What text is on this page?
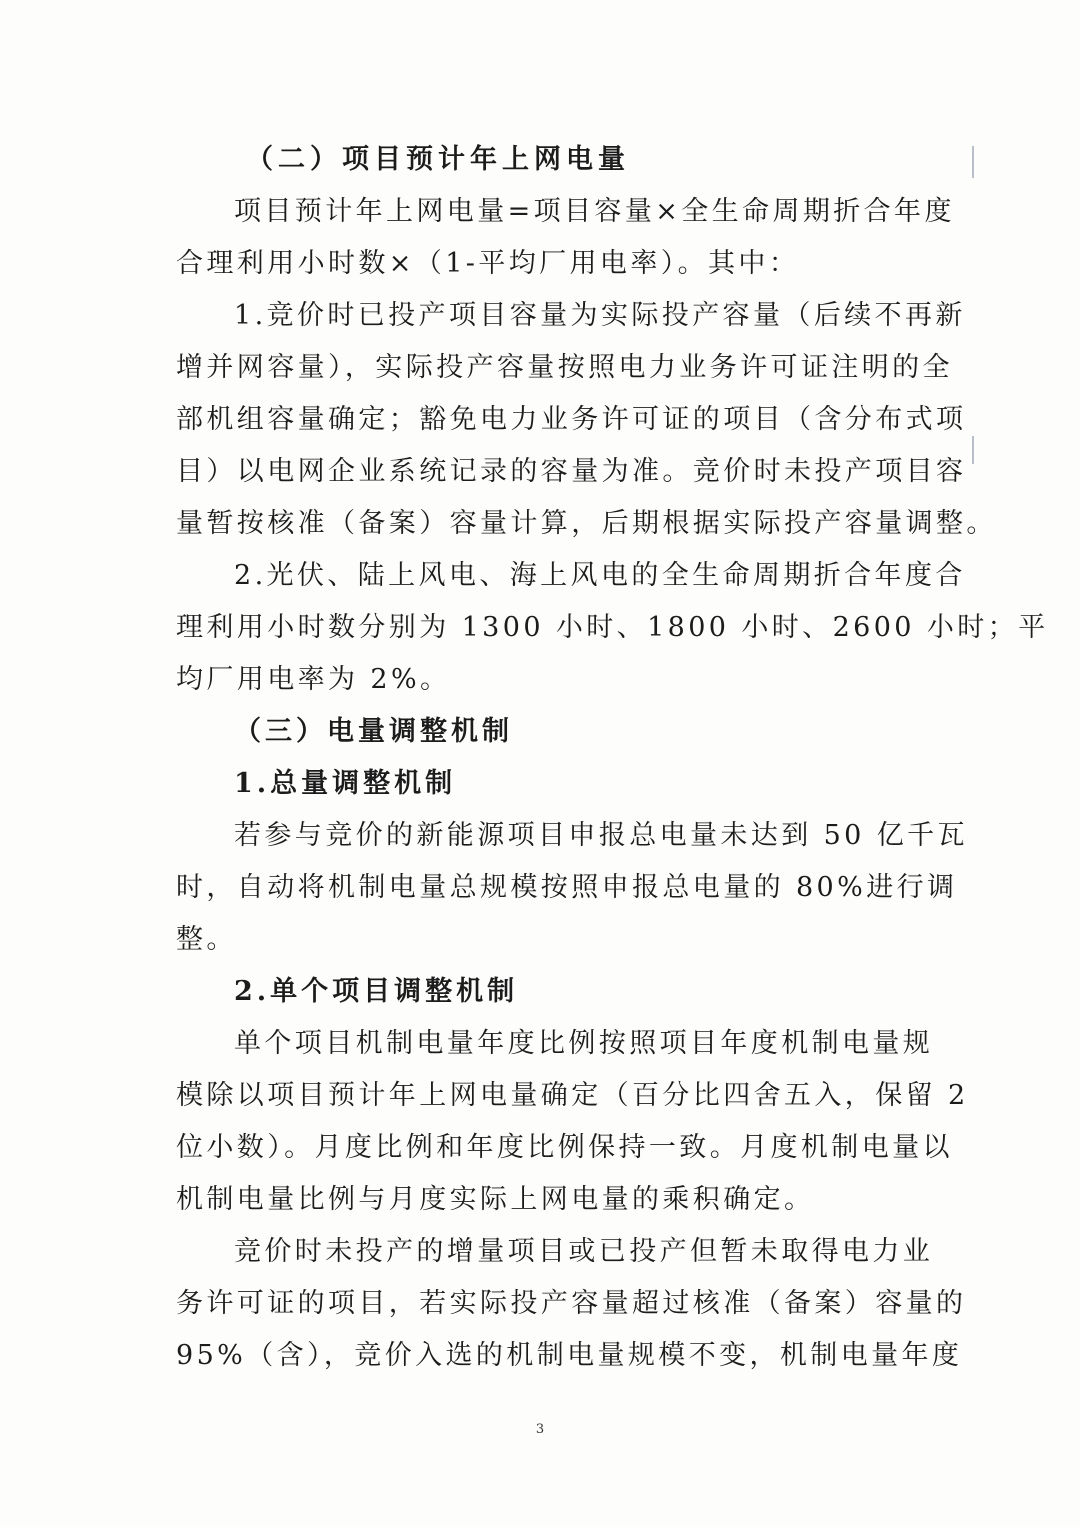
（二）项目预计年上网电量
项目预计年上网电量=项目容量×全生命周期折合年度
合理利用小时数×（1-平均厂用电率）。其中：
1.竞价时已投产项目容量为实际投产容量（后续不再新
增并网容量），实际投产容量按照电力业务许可证注明的全
部机组容量确定；豁免电力业务许可证的项目（含分布式项
目）以电网企业系统记录的容量为准。竞价时未投产项目容
量暂按核准（备案）容量计算，后期根据实际投产容量调整。
2.光伏、陆上风电、海上风电的全生命周期折合年度合
理利用小时数分别为 1300 小时、1800 小时、2600 小时；平
均厂用电率为 2%。
（三）电量调整机制
1.总量调整机制
若参与竞价的新能源项目申报总电量未达到 50 亿千瓦
时，自动将机制电量总规模按照申报总电量的 80%进行调
整。
2.单个项目调整机制
单个项目机制电量年度比例按照项目年度机制电量规
模除以项目预计年上网电量确定（百分比四舍五入，保留 2
位小数）。月度比例和年度比例保持一致。月度机制电量以
机制电量比例与月度实际上网电量的乘积确定。
竞价时未投产的增量项目或已投产但暂未取得电力业
务许可证的项目，若实际投产容量超过核准（备案）容量的
95%（含），竞价入选的机制电量规模不变，机制电量年度
3
